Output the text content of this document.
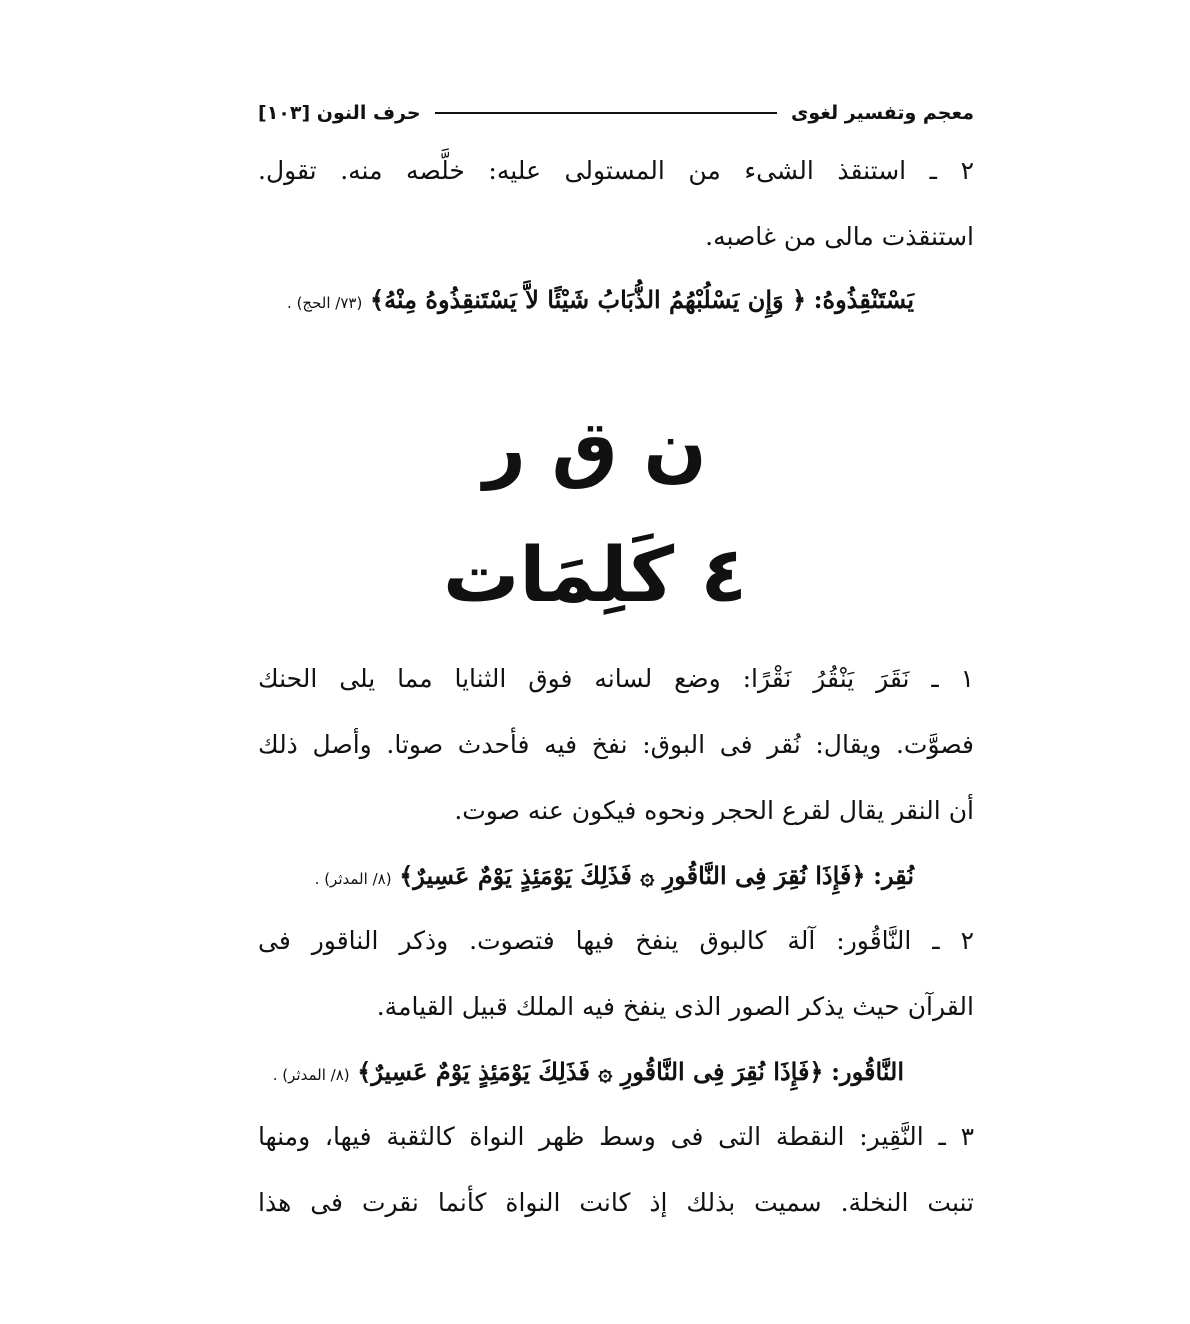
معجم وتفسير لغوى
حرف النون

[١٠٣]
٢ ـ استنقذ الشىء من المستولى عليه: خلَّصه منه. تقول.
استنقذت مالى من غاصبه.
يَسْتَنْقِذُوهُ: ﴿ وَإِن يَسْلُبْهُمُ الذُّبَابُ شَيْئًا لاَّ يَسْتَنقِذُوهُ مِنْهُ﴾ (٧٣/ الحج) .
ن ق ر
٤ كَلِمَات
١ ـ نَقَرَ يَنْقُرُ نَقْرًا: وضع لسانه فوق الثنايا مما يلى الحنك
فصوَّت. ويقال: نُقر فى البوق: نفخ فيه فأحدث صوتا. وأصل ذلك
أن النقر يقال لقرع الحجر ونحوه فيكون عنه صوت.
نُقِر: ﴿فَإِذَا نُقِرَ فِى النَّاقُورِ ۞ فَذَلِكَ يَوْمَئِذٍ يَوْمٌ عَسِيرٌ﴾ (٨/ المدثر) .
٢ ـ النَّاقُور: آلة كالبوق ينفخ فيها فتصوت. وذكر الناقور فى
القرآن حيث يذكر الصور الذى ينفخ فيه الملك قبيل القيامة.
النَّاقُور: ﴿فَإِذَا نُقِرَ فِى النَّاقُورِ ۞ فَذَلِكَ يَوْمَئِذٍ يَوْمٌ عَسِيرٌ﴾ (٨/ المدثر) .
٣ ـ النَّقِير: النقطة التى فى وسط ظهر النواة كالثقبة فيها، ومنها
تنبت النخلة. سميت بذلك إذ كانت النواة كأنما نقرت فى هذا
